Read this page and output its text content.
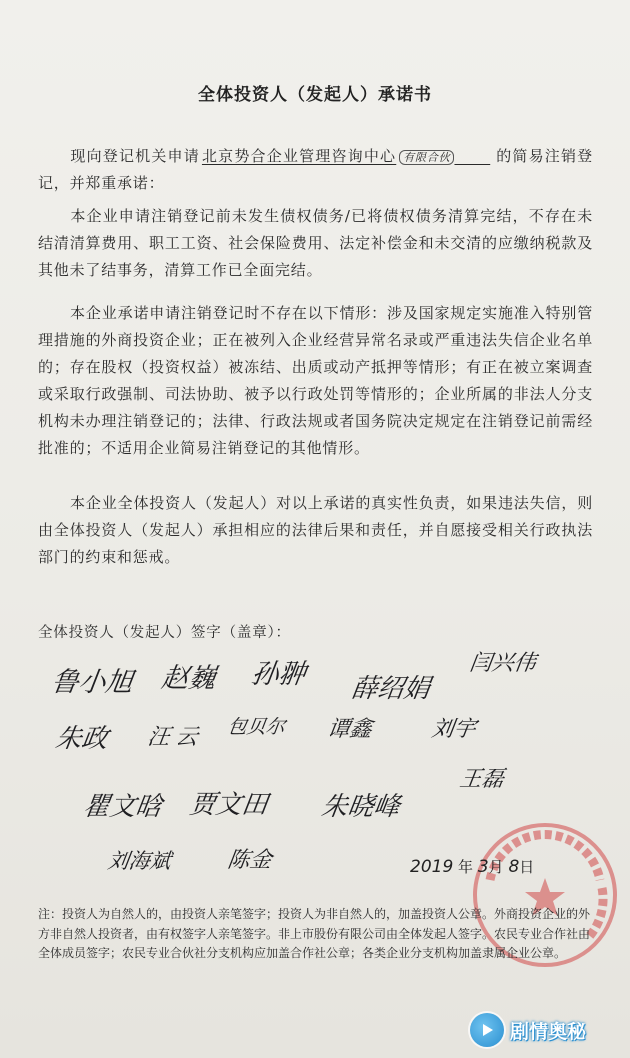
全体投资人（发起人）承诺书
现向登记机关申请 北京势合企业管理咨询中心 有限合伙	的简易注销登记，并郑重承诺：
本企业申请注销登记前未发生债权债务/已将债权债务清算完结，不存在未结清清算费用、职工工资、社会保险费用、法定补偿金和未交清的应缴纳税款及其他未了结事务，清算工作已全面完结。
本企业承诺申请注销登记时不存在以下情形：涉及国家规定实施准入特别管理措施的外商投资企业；正在被列入企业经营异常名录或严重违法失信企业名单的；存在股权（投资权益）被冻结、出质或动产抵押等情形；有正在被立案调查或采取行政强制、司法协助、被予以行政处罚等情形的；企业所属的非法人分支机构未办理注销登记的；法律、行政法规或者国务院决定规定在注销登记前需经批准的；不适用企业简易注销登记的其他情形。
本企业全体投资人（发起人）对以上承诺的真实性负责，如果违法失信，则由全体投资人（发起人）承担相应的法律后果和责任，并自愿接受相关行政执法部门的约束和惩戒。
全体投资人（发起人）签字（盖章）：
鲁小旭 赵巍 孙翀 薛绍娟
闫兴伟
朱政 汪云 包贝尔 谭鑫	刘宇
瞿文晗 贾文田 朱晓峰
王磊
刘海斌 陈金	2019 年 3月 8日
注：投资人为自然人的，由投资人亲笔签字；投资人为非自然人的，加盖投资人公章。外商投资企业的外方非自然人投资者，由有权签字人亲笔签字。非上市股份有限公司由全体发起人签字。农民专业合作社由全体成员签字；农民专业合伙社分支机构应加盖合作社公章；各类企业分支机构加盖隶属企业公章。
剧情奥秘
